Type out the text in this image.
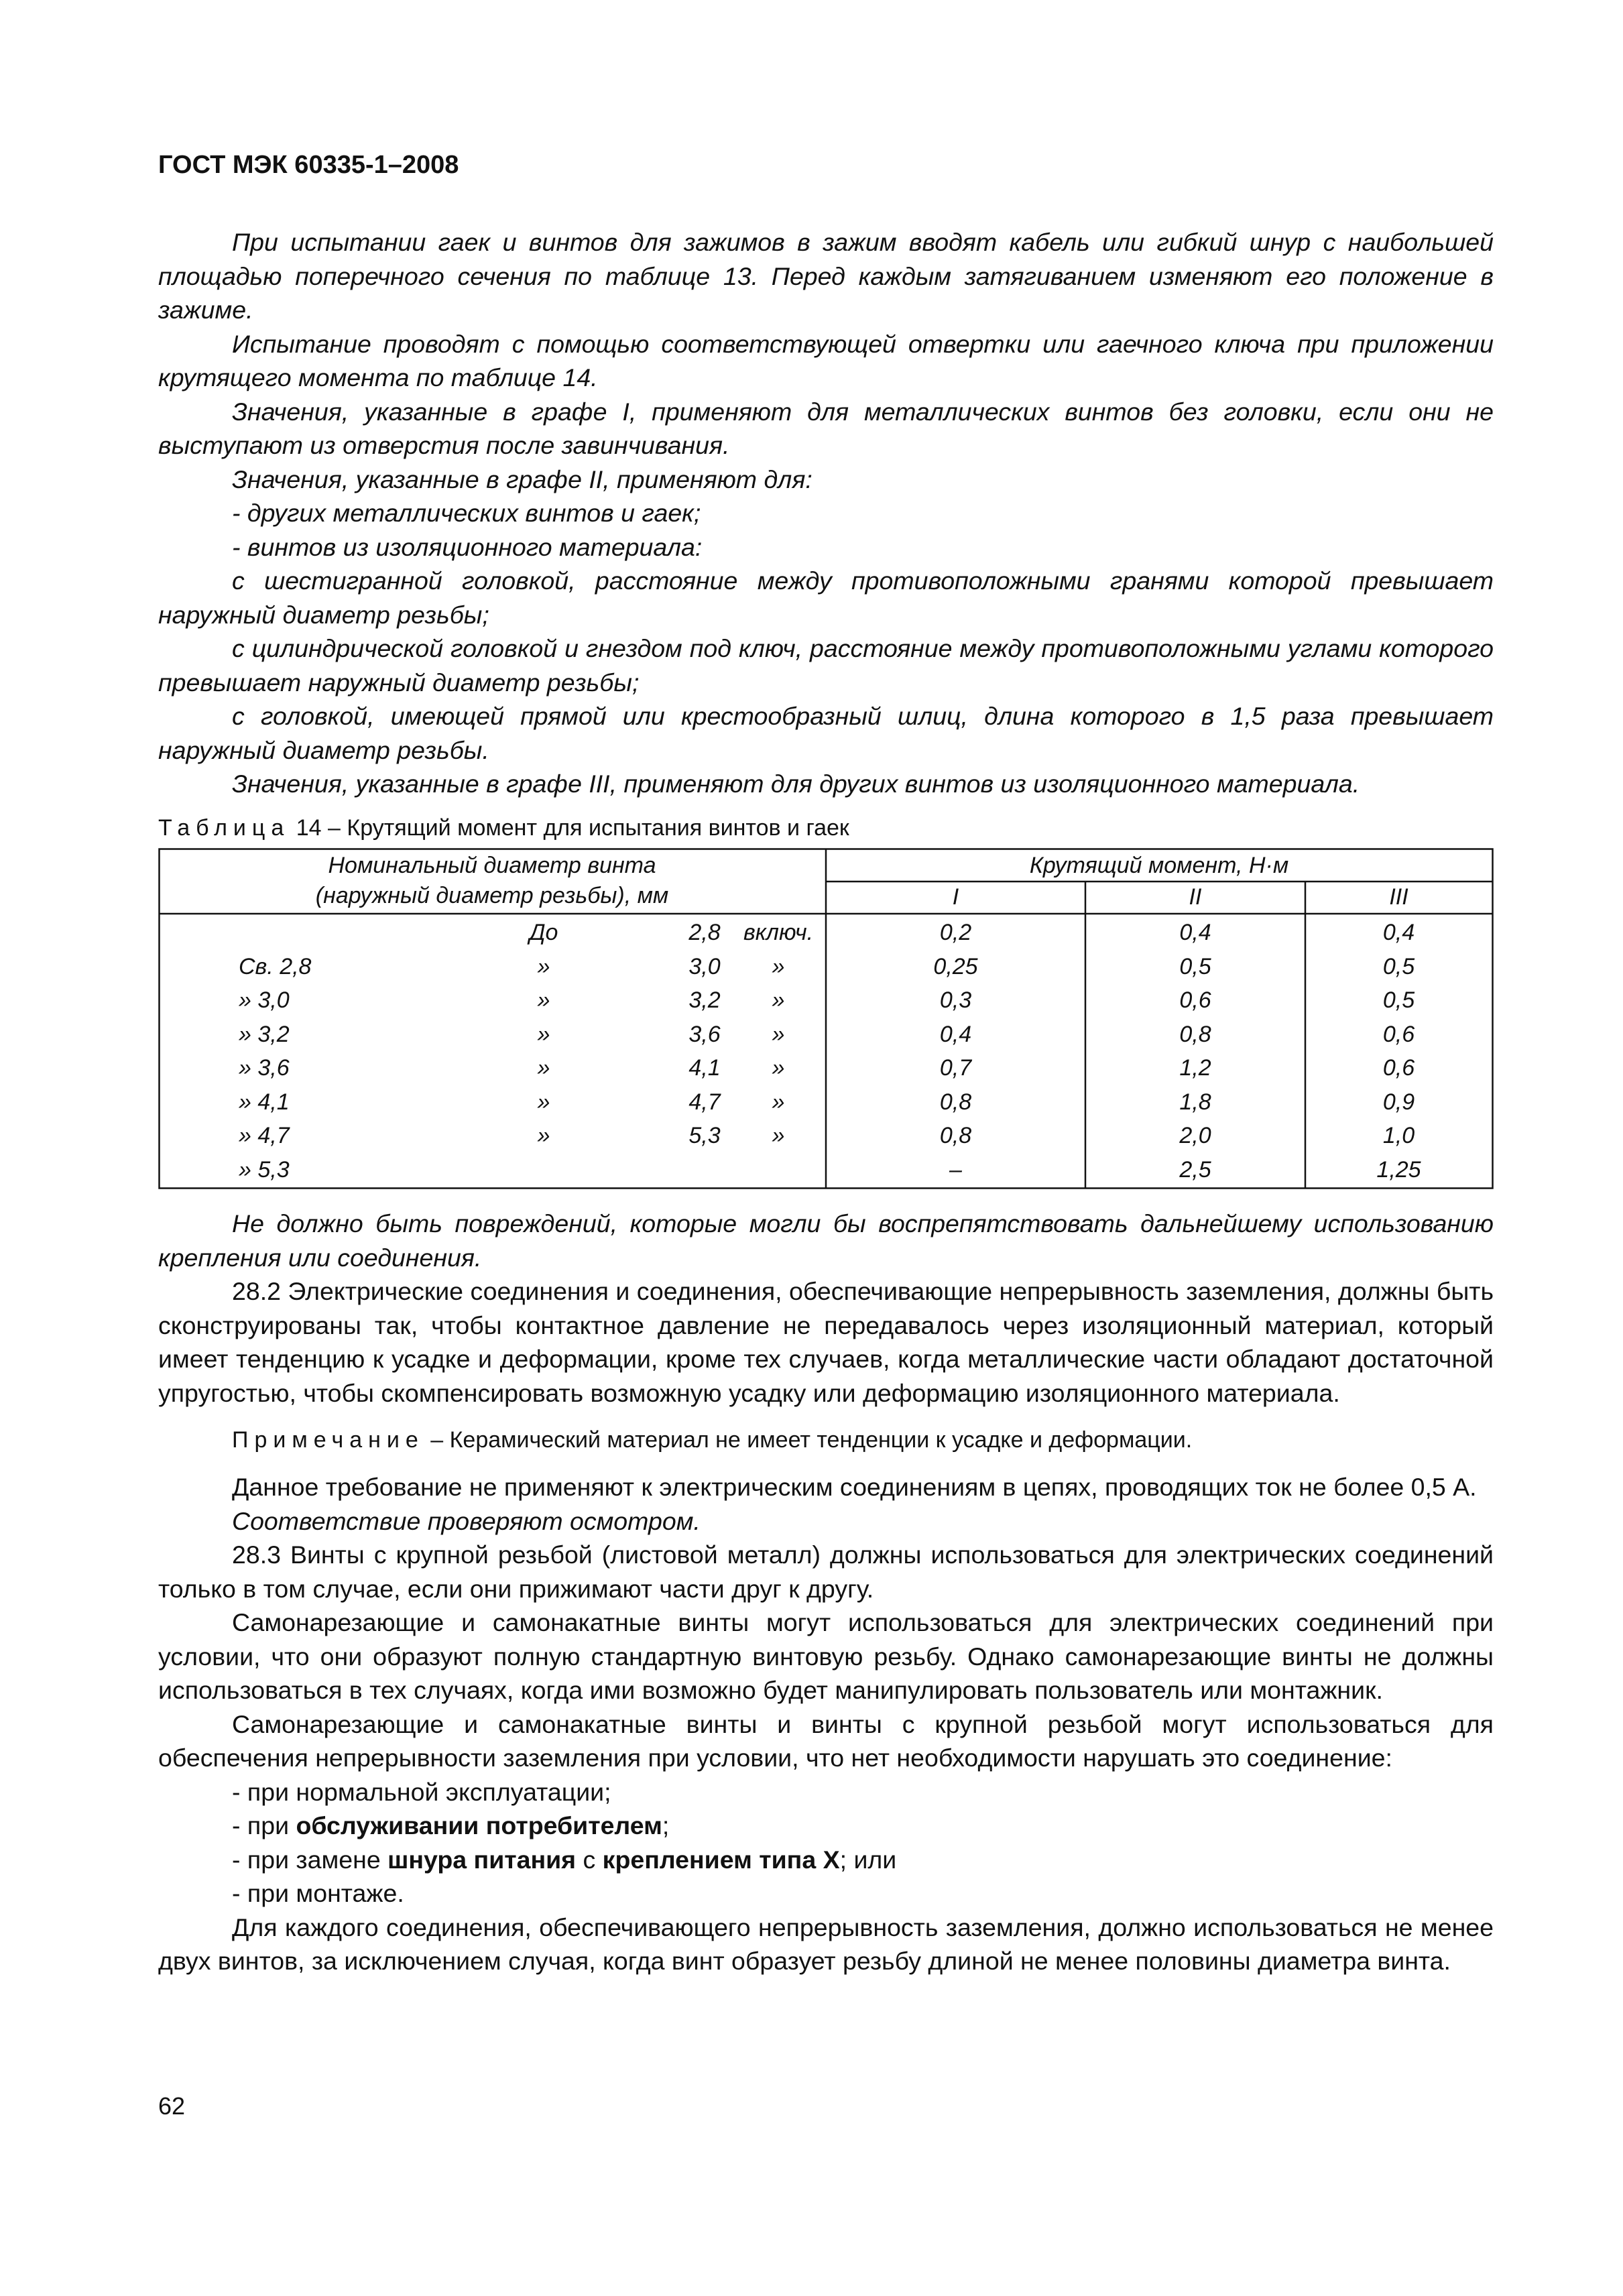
ГОСТ МЭК 60335-1–2008

При испытании гаек и винтов для зажимов в зажим вводят кабель или гибкий шнур с наибольшей площадью поперечного сечения по таблице 13. Перед каждым затягиванием изменяют его положение в зажиме.

Испытание проводят с помощью соответствующей отвертки или гаечного ключа при приложении крутящего момента по таблице 14.

Значения, указанные в графе I, применяют для металлических винтов без головки, если они не выступают из отверстия после завинчивания.

Значения, указанные в графе II, применяют для:

- других металлических винтов и гаек;

- винтов из изоляционного материала:

с шестигранной головкой, расстояние между противоположными гранями которой превышает наружный диаметр резьбы;

с цилиндрической головкой и гнездом под ключ, расстояние между противоположными углами которого превышает наружный диаметр резьбы;

с головкой, имеющей прямой или крестообразный шлиц, длина которого в 1,5 раза превышает наружный диаметр резьбы.

Значения, указанные в графе III, применяют для других винтов из изоляционного материала.

Таблица 14 – Крутящий момент для испытания винтов и гаек
Номинальный диаметр винта
(наружный диаметр резьбы), мм
Крутящий момент, Н·м
I	II	III
До	2,8	включ.	0,2	0,4	0,4
Св. 2,8	»	3,0	»	0,25	0,5	0,5
» 3,0	»	3,2	»	0,3	0,6	0,5
» 3,2	»	3,6	»	0,4	0,8	0,6
» 3,6	»	4,1	»	0,7	1,2	0,6
» 4,1	»	4,7	»	0,8	1,8	0,9
» 4,7	»	5,3	»	0,8	2,0	1,0
» 5,3	–	2,5	1,25

Не должно быть повреждений, которые могли бы воспрепятствовать дальнейшему использованию крепления или соединения.

28.2 Электрические соединения и соединения, обеспечивающие непрерывность заземления, должны быть сконструированы так, чтобы контактное давление не передавалось через изоляционный материал, который имеет тенденцию к усадке и деформации, кроме тех случаев, когда металлические части обладают достаточной упругостью, чтобы скомпенсировать возможную усадку или деформацию изоляционного материала.

Примечание – Керамический материал не имеет тенденции к усадке и деформации.

Данное требование не применяют к электрическим соединениям в цепях, проводящих ток не более 0,5 А.

Соответствие проверяют осмотром.

28.3 Винты с крупной резьбой (листовой металл) должны использоваться для электрических соединений только в том случае, если они прижимают части друг к другу.

Самонарезающие и самонакатные винты могут использоваться для электрических соединений при условии, что они образуют полную стандартную винтовую резьбу. Однако самонарезающие винты не должны использоваться в тех случаях, когда ими возможно будет манипулировать пользователь или монтажник.

Самонарезающие и самонакатные винты и винты с крупной резьбой могут использоваться для обеспечения непрерывности заземления при условии, что нет необходимости нарушать это соединение:

- при нормальной эксплуатации;

- при обслуживании потребителем;

- при замене шнура питания с креплением типа Х; или

- при монтаже.

Для каждого соединения, обеспечивающего непрерывность заземления, должно использоваться не менее двух винтов, за исключением случая, когда винт образует резьбу длиной не менее половины диаметра винта.

62
